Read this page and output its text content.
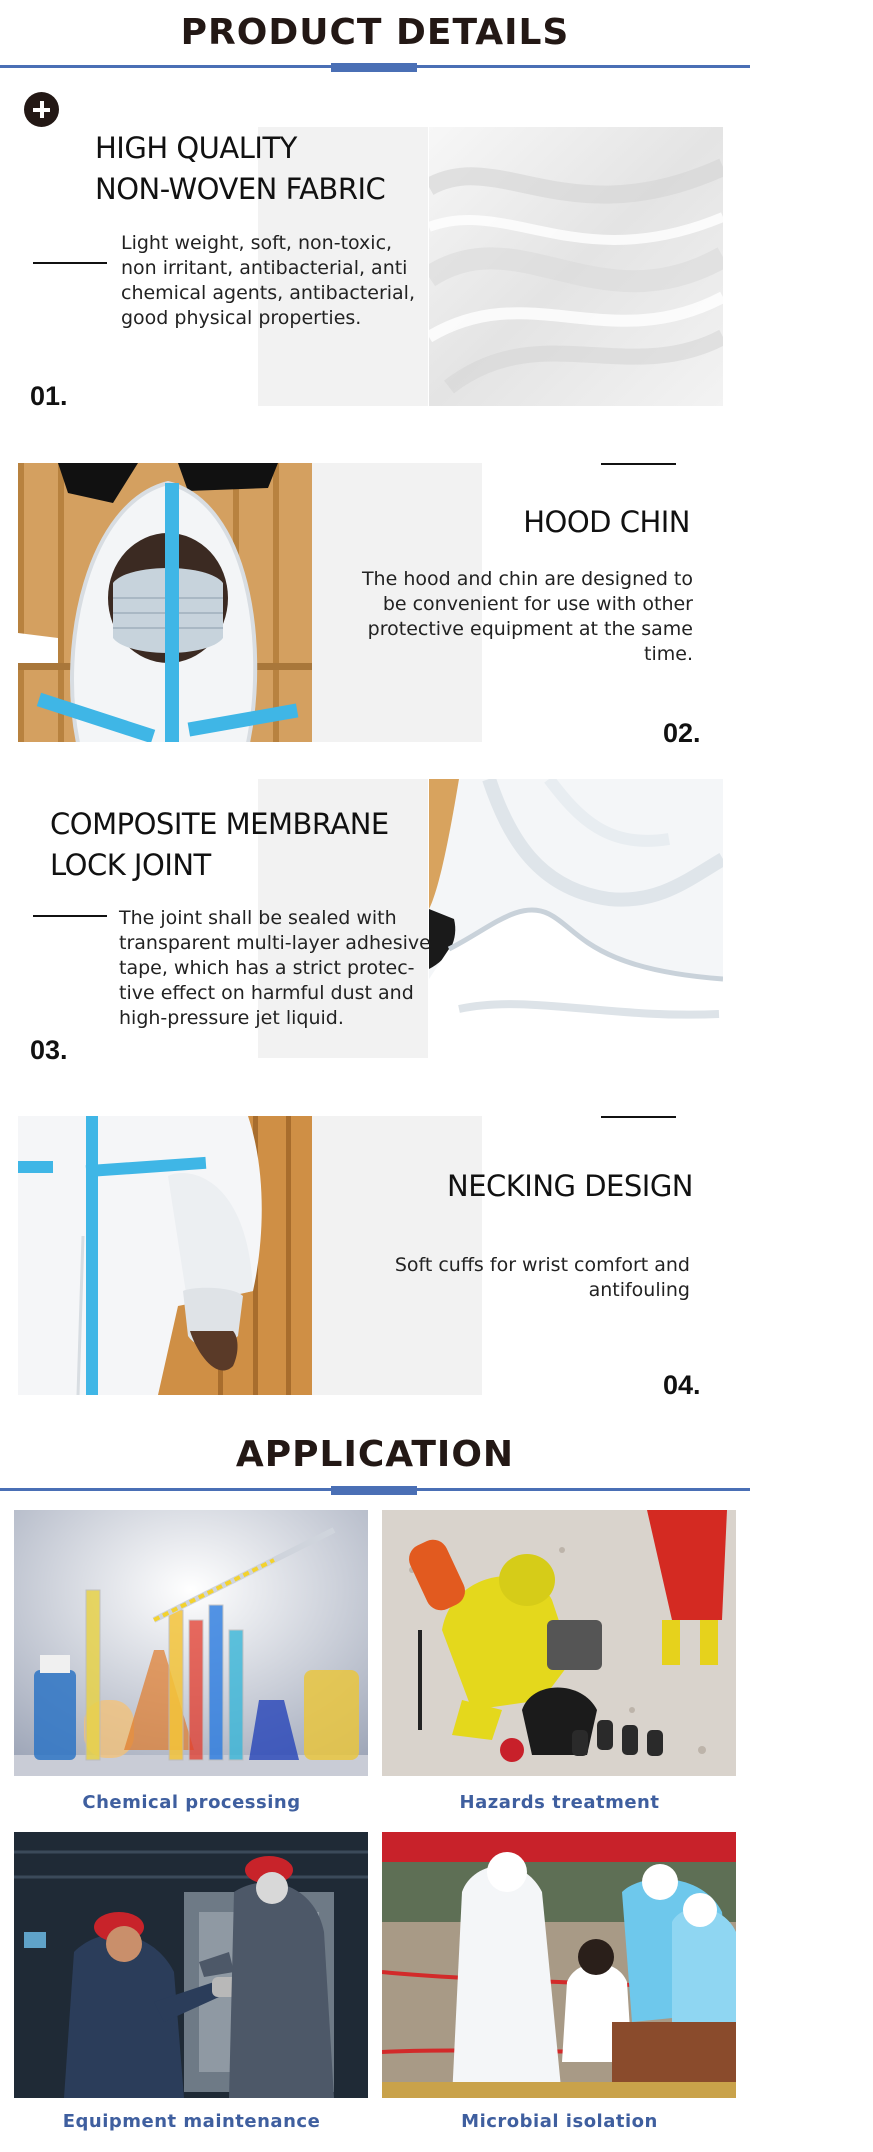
PRODUCT DETAILS
HIGH QUALITY
NON-WOVEN FABRIC
Light weight, soft, non-toxic,
non irritant, antibacterial, anti
chemical agents, antibacterial,
good physical properties.
01.
HOOD CHIN
The hood and chin are designed to
be convenient for use with other
protective equipment at the same
time.
02.
COMPOSITE MEMBRANE
LOCK JOINT
The joint shall be sealed with
transparent multi-layer adhesive
tape, which has a strict protec-
tive effect on harmful dust and
high-pressure jet liquid.
03.
NECKING DESIGN
Soft cuffs for wrist comfort and
antifouling
04.
APPLICATION
Chemical processing	Hazards treatment
Equipment maintenance	Microbial isolation
